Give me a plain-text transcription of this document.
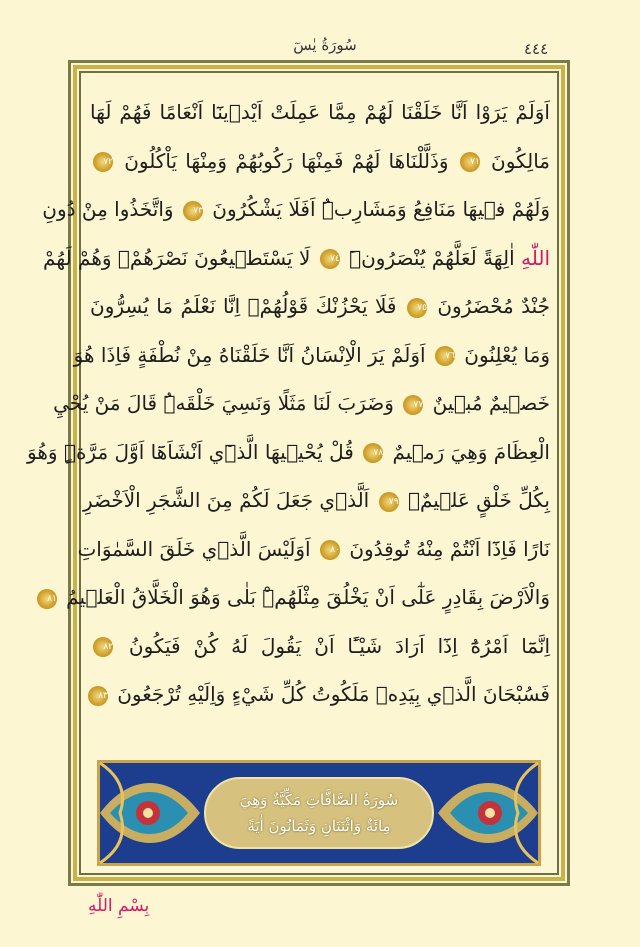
سُورَةُ يٰسٓ	٤٤٤
اَوَلَمْ يَرَوْا اَنَّا خَلَقْنَا لَهُمْ مِمَّا عَمِلَتْ اَيْد۪ينَٓا اَنْعَامًا فَهُمْ لَهَا
مَالِكُونَ ٧١ وَذَلَّلْنَاهَا لَهُمْ فَمِنْهَا رَكُوبُهُمْ وَمِنْهَا يَاْكُلُونَ ٧٢
وَلَهُمْ ف۪يهَا مَنَافِعُ وَمَشَارِبُۜ اَفَلَا يَشْكُرُونَ ٧٣ وَاتَّخَذُوا مِنْ دُونِ
اللّٰهِ اٰلِهَةً لَعَلَّهُمْ يُنْصَرُونَۜ ٧٤ لَا يَسْتَط۪يعُونَ نَصْرَهُمْۙ وَهُمْ لَهُمْ
جُنْدٌ مُحْضَرُونَ ٧٥ فَلَا يَحْزُنْكَ قَوْلُهُمْۢ اِنَّا نَعْلَمُ مَا يُسِرُّونَ
وَمَا يُعْلِنُونَ ٧٦ اَوَلَمْ يَرَ الْاِنْسَانُ اَنَّا خَلَقْنَاهُ مِنْ نُطْفَةٍ فَاِذَا هُوَ
خَص۪يمٌ مُب۪ينٌ ٧٧ وَضَرَبَ لَنَا مَثَلًا وَنَسِيَ خَلْقَهُۜ قَالَ مَنْ يُحْيِ
الْعِظَامَ وَهِيَ رَم۪يمٌ ٧٨ قُلْ يُحْي۪يهَا الَّذ۪ٓي اَنْشَاَهَٓا اَوَّلَ مَرَّةٍۜ وَهُوَ
بِكُلِّ خَلْقٍ عَل۪يمٌۙ ٧٩ اَلَّذ۪ي جَعَلَ لَكُمْ مِنَ الشَّجَرِ الْاَخْضَرِ
نَارًا فَاِذَٓا اَنْتُمْ مِنْهُ تُوقِدُونَ ٨٠ اَوَلَيْسَ الَّذ۪ي خَلَقَ السَّمٰوَاتِ
وَالْاَرْضَ بِقَادِرٍ عَلٰٓى اَنْ يَخْلُقَ مِثْلَهُمْۜ بَلٰى وَهُوَ الْخَلَّاقُ الْعَل۪يمُ ٨١
اِنَّمَٓا اَمْرُهُٓ اِذَٓا اَرَادَ شَيْـًٔا اَنْ يَقُولَ لَهُ كُنْ فَيَكُونُ ٨٢
فَسُبْحَانَ الَّذ۪ي بِيَدِه۪ مَلَكُوتُ كُلِّ شَيْءٍ وَاِلَيْهِ تُرْجَعُونَ ٨٣
سُورَةُ الصَّافَّاتِ مَكِّيَّةٌ وَهِيَ
مِائَةٌ وَاثْنَتَانِ وَثَمَانُونَ اٰيَةً
بِسْمِ اللّٰهِ
